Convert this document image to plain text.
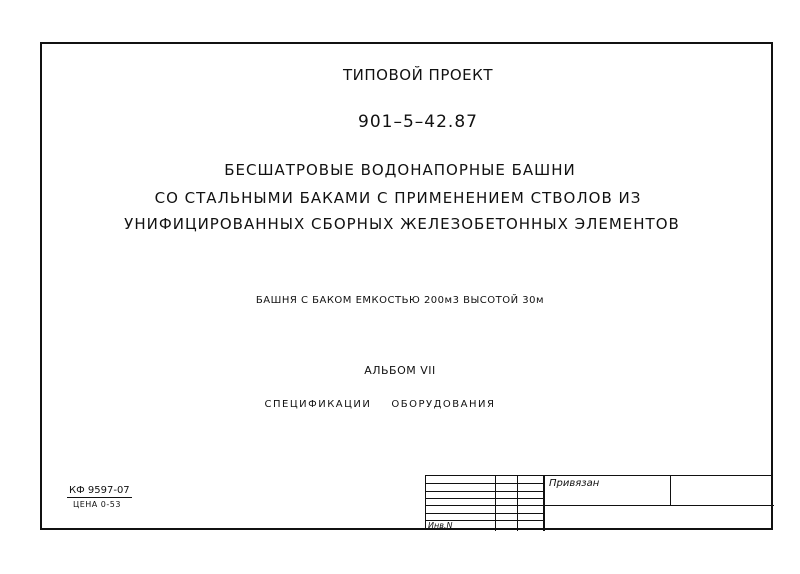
ТИПОВОЙ ПРОЕКТ
901–5–42.87
БЕСШАТРОВЫЕ ВОДОНАПОРНЫЕ БАШНИ
СО СТАЛЬНЫМИ БАКАМИ С ПРИМЕНЕНИЕМ СТВОЛОВ ИЗ
УНИФИЦИРОВАННЫХ СБОРНЫХ ЖЕЛЕЗОБЕТОННЫХ ЭЛЕМЕНТОВ
БАШНЯ С БАКОМ ЕМКОСТЬЮ 200м3 ВЫСОТОЙ 30м
АЛЬБОМ VII
СПЕЦИФИКАЦИИ ОБОРУДОВАНИЯ
КФ 9597-07
ЦЕНА 0-53
Привязан
Инв.N
